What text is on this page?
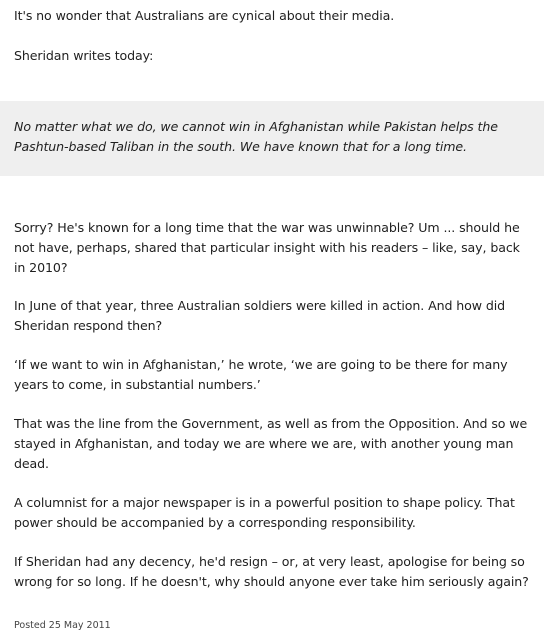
It's no wonder that Australians are cynical about their media.

Sheridan writes today:

No matter what we do, we cannot win in Afghanistan while Pakistan helps the Pashtun-based Taliban in the south. We have known that for a long time.

Sorry? He's known for a long time that the war was unwinnable? Um ... should he not have, perhaps, shared that particular insight with his readers – like, say, back in 2010?

In June of that year, three Australian soldiers were killed in action. And how did Sheridan respond then?

‘If we want to win in Afghanistan,’ he wrote, ‘we are going to be there for many years to come, in substantial numbers.’

That was the line from the Government, as well as from the Opposition. And so we stayed in Afghanistan, and today we are where we are, with another young man dead.

A columnist for a major newspaper is in a powerful position to shape policy. That power should be accompanied by a corresponding responsibility.

If Sheridan had any decency, he'd resign – or, at very least, apologise for being so wrong for so long. If he doesn't, why should anyone ever take him seriously again?

Posted 25 May 2011
